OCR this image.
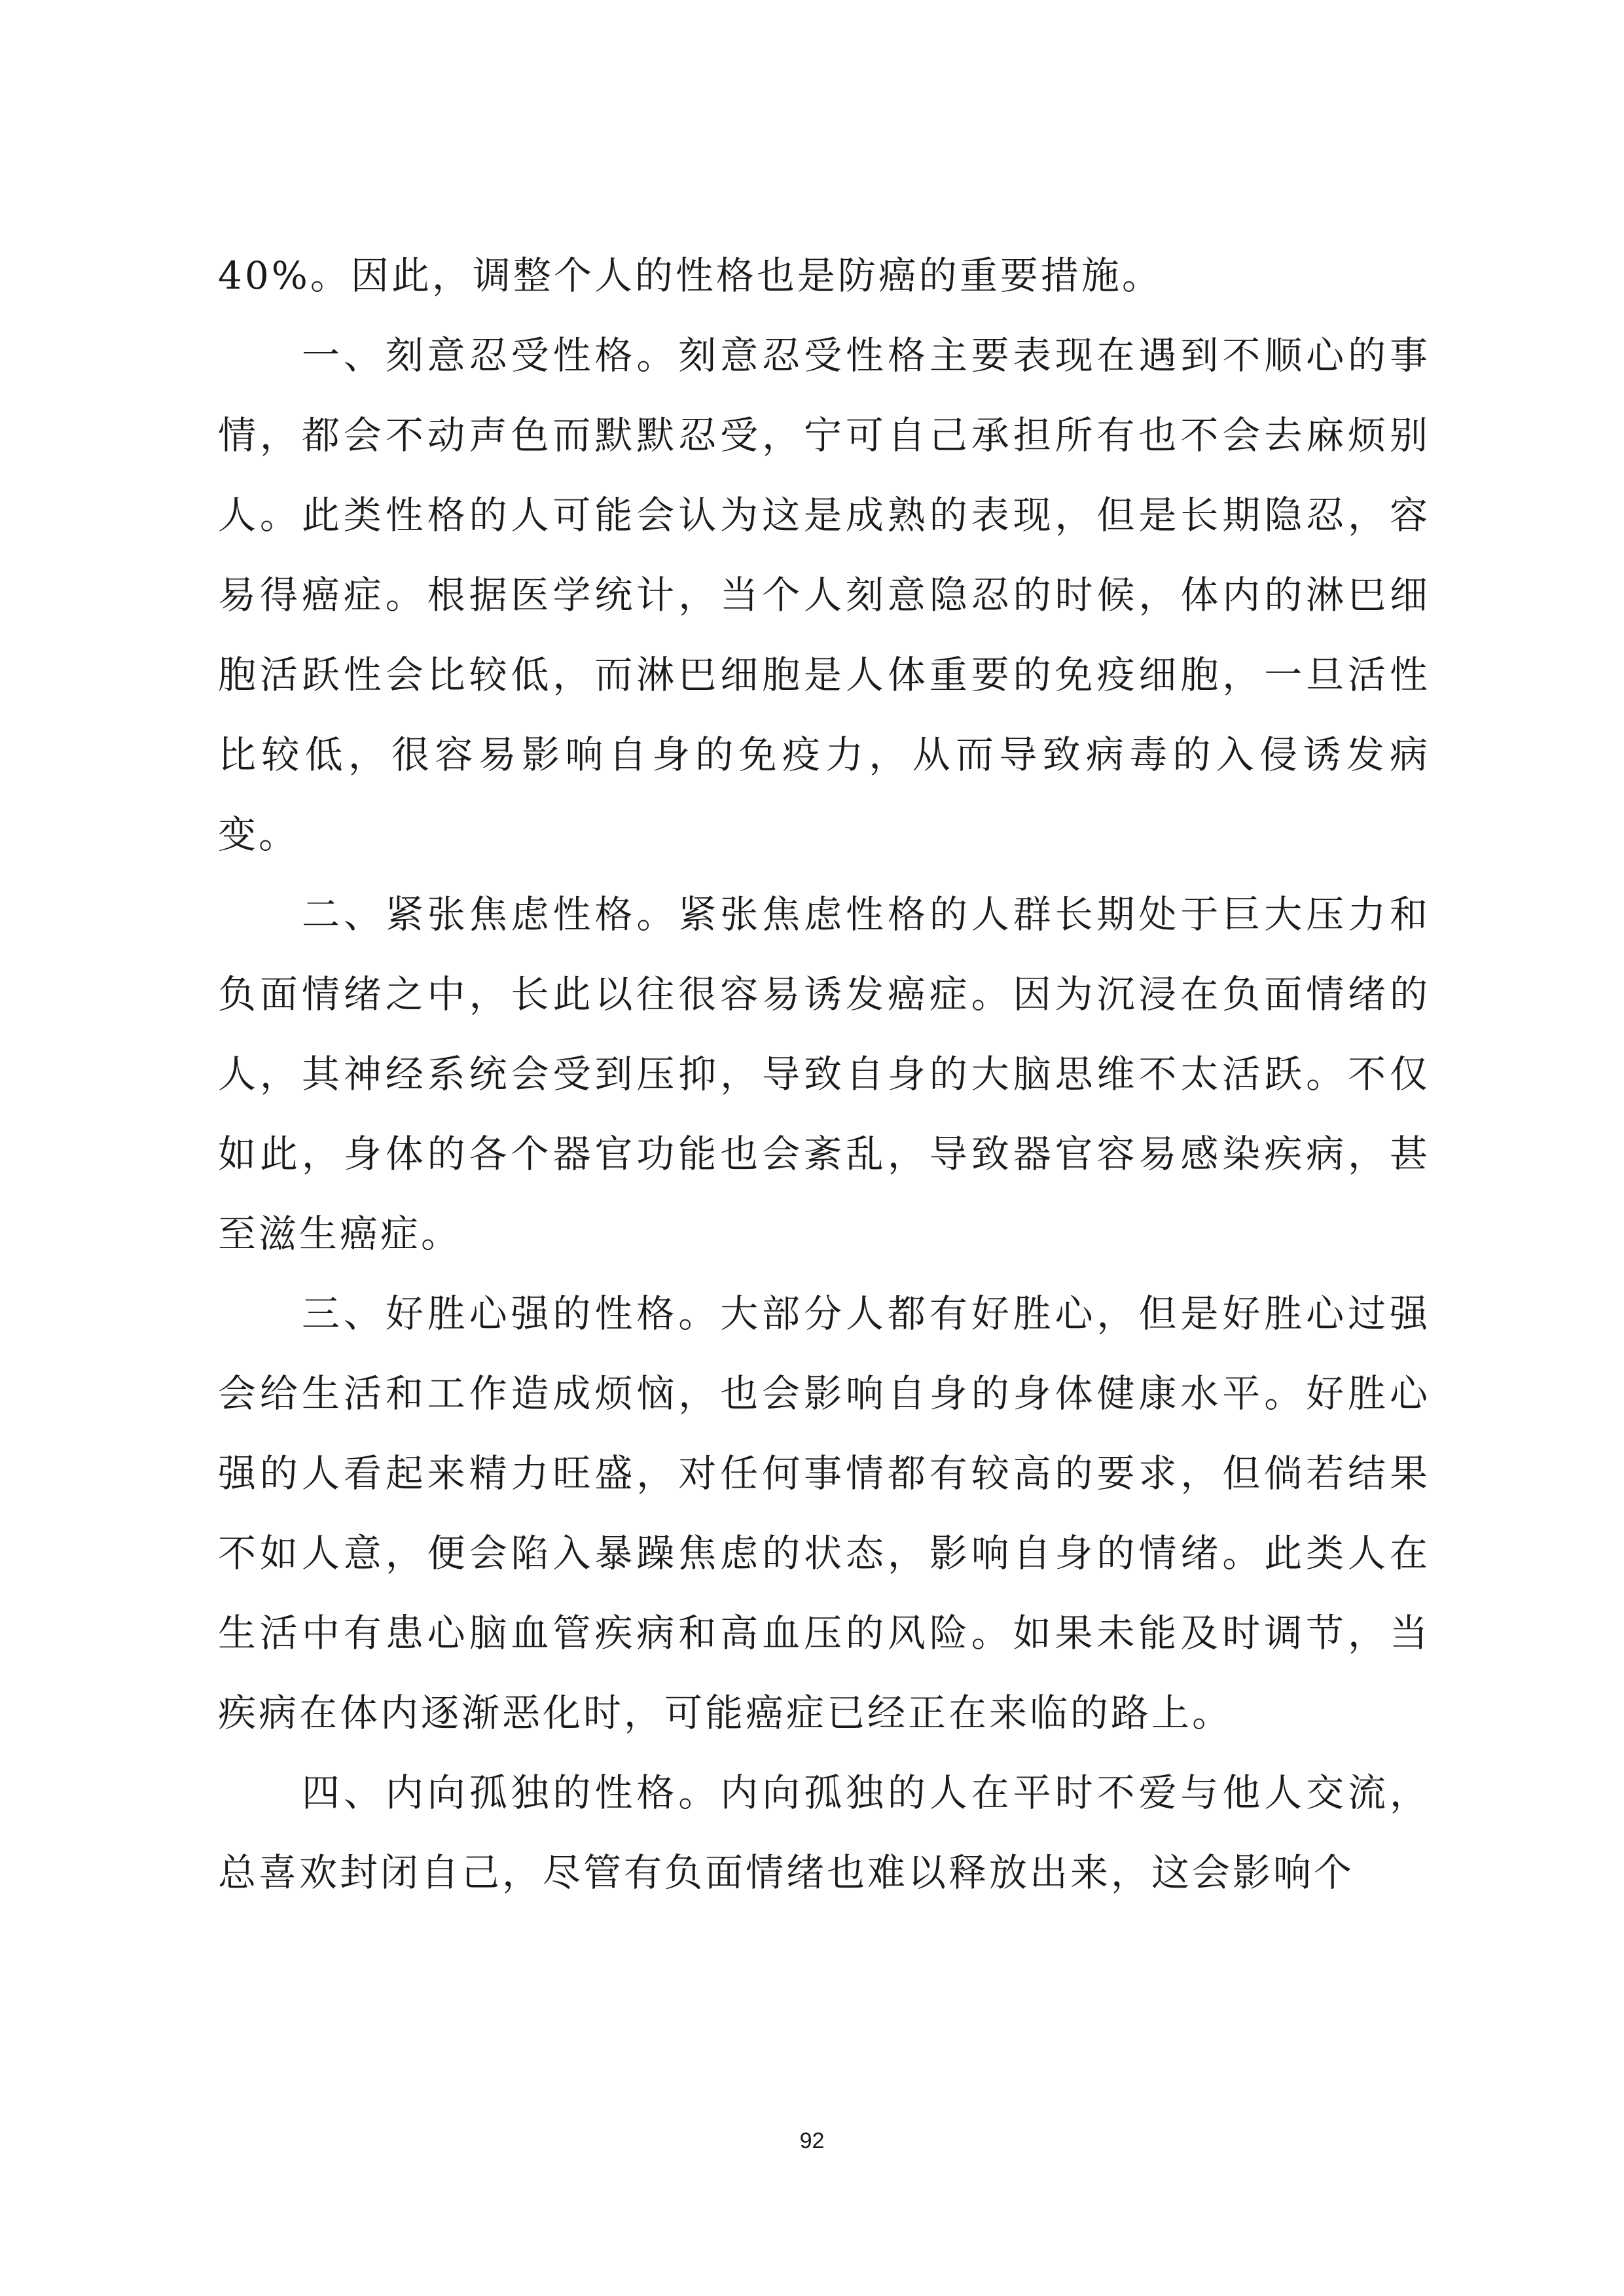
40%。因此，调整个人的性格也是防癌的重要措施。

一、刻意忍受性格。刻意忍受性格主要表现在遇到不顺心的事情，都会不动声色而默默忍受，宁可自己承担所有也不会去麻烦别人。此类性格的人可能会认为这是成熟的表现，但是长期隐忍，容易得癌症。根据医学统计，当个人刻意隐忍的时候，体内的淋巴细胞活跃性会比较低，而淋巴细胞是人体重要的免疫细胞，一旦活性比较低，很容易影响自身的免疫力，从而导致病毒的入侵诱发病变。

二、紧张焦虑性格。紧张焦虑性格的人群长期处于巨大压力和负面情绪之中，长此以往很容易诱发癌症。因为沉浸在负面情绪的人，其神经系统会受到压抑，导致自身的大脑思维不太活跃。不仅如此，身体的各个器官功能也会紊乱，导致器官容易感染疾病，甚至滋生癌症。

三、好胜心强的性格。大部分人都有好胜心，但是好胜心过强会给生活和工作造成烦恼，也会影响自身的身体健康水平。好胜心强的人看起来精力旺盛，对任何事情都有较高的要求，但倘若结果不如人意，便会陷入暴躁焦虑的状态，影响自身的情绪。此类人在生活中有患心脑血管疾病和高血压的风险。如果未能及时调节，当疾病在体内逐渐恶化时，可能癌症已经正在来临的路上。

四、内向孤独的性格。内向孤独的人在平时不爱与他人交流，总喜欢封闭自己，尽管有负面情绪也难以释放出来，这会影响个

92
